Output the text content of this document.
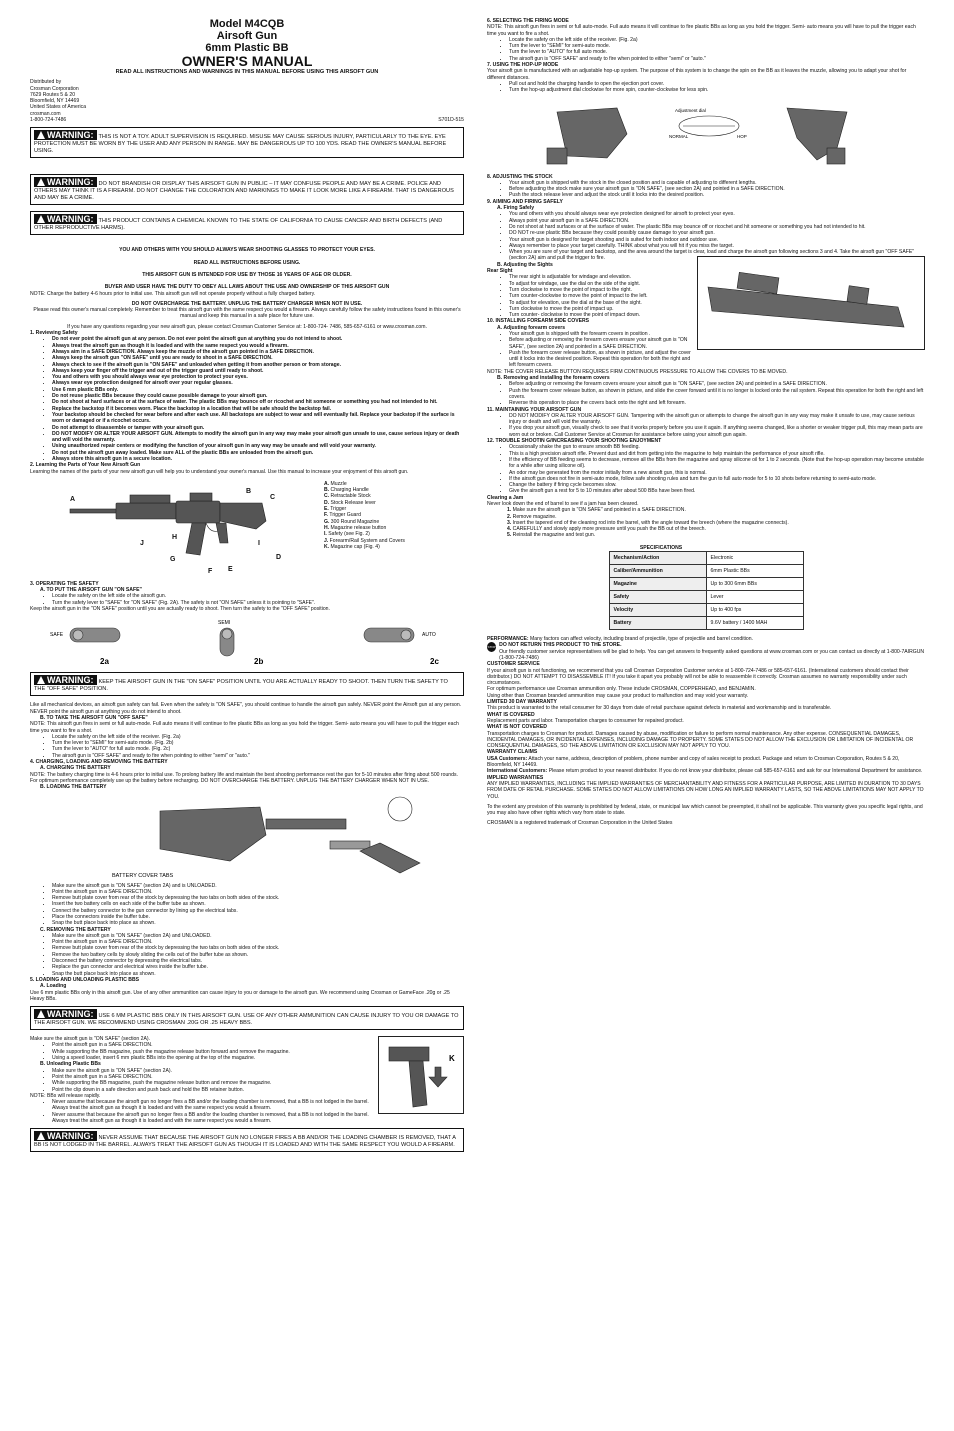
Model M4CQB
Airsoft Gun
6mm Plastic BB
OWNER'S MANUAL

READ ALL INSTRUCTIONS AND WARNINGS IN THIS MANUAL BEFORE USING THIS AIRSOFT GUN

Distributed by

Crosman Corporation

7629 Routes 5 & 20

Bloomfield, NY 14469

United States of America

crosman.com

1-800-724-7486	S701D-515

WARNING: THIS IS NOT A TOY. ADULT SUPERVISION IS REQUIRED. MISUSE MAY CAUSE SERIOUS INJURY, PARTICULARLY TO THE EYE. EYE PROTECTION MUST BE WORN BY THE USER AND ANY PERSON IN RANGE. MAY BE DANGEROUS UP TO 100 YDS. READ THE OWNER'S MANUAL BEFORE USING.
WARNING: DO NOT BRANDISH OR DISPLAY THIS AIRSOFT GUN IN PUBLIC – IT MAY CONFUSE PEOPLE AND MAY BE A CRIME. POLICE AND OTHERS MAY THINK IT IS A FIREARM. DO NOT CHANGE THE COLORATION AND MARKINGS TO MAKE IT LOOK MORE LIKE A FIREARM. THAT IS DANGEROUS AND MAY BE A CRIME.
WARNING: THIS PRODUCT CONTAINS A CHEMICAL KNOWN TO THE STATE OF CALIFORNIA TO CAUSE CANCER AND BIRTH DEFECTS (AND OTHER REPRODUCTIVE HARMS).

YOU AND OTHERS WITH YOU SHOULD ALWAYS WEAR SHOOTING GLASSES TO PROTECT YOUR EYES.

READ ALL INSTRUCTIONS BEFORE USING.

THIS AIRSOFT GUN IS INTENDED FOR USE BY THOSE 16 YEARS OF AGE OR OLDER.

BUYER AND USER HAVE THE DUTY TO OBEY ALL LAWS ABOUT THE USE AND OWNERSHIP OF THIS AIRSOFT GUN

NOTE: Charge the battery 4-6 hours prior to initial use. This airsoft gun will not operate properly without a fully charged battery.

DO NOT OVERCHARGE THE BATTERY. UNPLUG THE BATTERY CHARGER WHEN NOT IN USE.

Please read this owner's manual completely. Remember to treat this airsoft gun with the same respect you would a firearm. Always carefully follow the safety instructions found in this owner's manual and keep this manual in a safe place for future use.

If you have any questions regarding your new airsoft gun, please contact Crosman Customer Service at: 1-800-724- 7486, 585-657-6161 or www.crosman.com.

1. Reviewing Safety

• Do not ever point the airsoft gun at any person. Do not ever point the airsoft gun at anything you do not intend to shoot.
• Always treat the airsoft gun as though it is loaded and with the same respect you would a firearm.
• Always aim in a SAFE DIRECTION. Always keep the muzzle of the airsoft gun pointed in a SAFE DIRECTION.
• Always keep the airsoft gun "ON SAFE" until you are ready to shoot in a SAFE DIRECTION.
• Always check to see if the airsoft gun is "ON SAFE" and unloaded when getting it from another person or from storage.
• Always keep your finger off the trigger and out of the trigger guard until ready to shoot.
• You and others with you should always wear eye protection to protect your eyes.
• Always wear eye protection designed for airsoft over your regular glasses.
• Use 6 mm plastic BBs only.
• Do not reuse plastic BBs because they could cause possible damage to your airsoft gun.
• Do not shoot at hard surfaces or at the surface of water. The plastic BBs may bounce off or ricochet and hit someone or something you had not intended to hit.
• Replace the backstop if it becomes worn. Place the backstop in a location that will be safe should the backstop fail.
• Your backstop should be checked for wear before and after each use. All backstops are subject to wear and will eventually fail. Replace your backstop if the surface is worn or damaged or if a ricochet occurs.
• Do not attempt to disassemble or tamper with your airsoft gun.
• DO NOT MODIFY OR ALTER YOUR AIRSOFT GUN. Attempts to modify the airsoft gun in any way may make your airsoft gun unsafe to use, cause serious injury or death and will void the warranty.
• Using unauthorized repair centers or modifying the function of your airsoft gun in any way may be unsafe and will void your warranty.
• Do not put the airsoft gun away loaded. Make sure ALL of the plastic BBs are unloaded from the airsoft gun.
• Always store this airsoft gun in a secure location.

2. Learning the Parts of Your New Airsoft Gun

Learning the names of the parts of your new airsoft gun will help you to understand your owner's manual. Use this manual to increase your enjoyment of this airsoft gun.

A
B
C
H
I
J
G
F E
D

A. Muzzle

B. Charging Handle

C. Retractable Stock

D. Stock Release lever

E. Trigger

F. Trigger Guard

G. 300 Round Magazine

H. Magazine release button

I. Safety (see Fig. 2)

J. Forearm/Rail System and Covers

K. Magazine cap (Fig. 4)

3. OPERATING THE SAFETY

A. TO PUT THE AIRSOFT GUN "ON SAFE"

• Locate the safety on the left side of the airsoft gun.
• Turn the safety lever to "SAFE" for "ON SAFE" (Fig. 2A). The safety is not "ON SAFE" unless it is pointing to "SAFE".

Keep the airsoft gun in the "ON SAFE" position until you are actually ready to shoot. Then turn the safety to the "OFF SAFE" position.

SAFE
2a
SEMI
2b
AUTO
2c
WARNING: KEEP THE AIRSOFT GUN IN THE "ON SAFE" POSITION UNTIL YOU ARE ACTUALLY READY TO SHOOT. THEN TURN THE SAFETY TO THE "OFF SAFE" POSITION.

Like all mechanical devices, an airsoft gun safety can fail. Even when the safety is "ON SAFE", you should continue to handle the airsoft gun safely. NEVER point the Airsoft gun at any person. NEVER point the airsoft gun at anything you do not intend to shoot.

B. TO TAKE THE AIRSOFT GUN "OFF SAFE"

NOTE: This airsoft gun fires in semi or full auto-mode. Full auto means it will continue to fire plastic BBs as long as you hold the trigger. Semi- auto means you will have to pull the trigger each time you want to fire a shot.

• Locate the safety on the left side of the receiver. (Fig. 2a)
• Turn the lever to "SEMI" for semi-auto mode. (Fig. 2b)
• Turn the lever to "AUTO" for full auto mode. (Fig. 2c)
• The airsoft gun is "OFF SAFE" and ready to fire when pointing to either "semi" or "auto."

4. CHARGING, LOADING AND REMOVING THE BATTERY

A. CHARGING THE BATTERY

NOTE: The battery charging time is 4-6 hours prior to initial use. To prolong battery life and maintain the best shooting performance rest the gun for 5-10 minutes after firing about 500 rounds. For optimum performance completely use up the battery before recharging. DO NOT OVERCHARGE THE BATTERY. UNPLUG THE BATTERY CHARGER WHEN NOT IN USE.

B. LOADING THE BATTERY

BATTERY COVER TABS
• Make sure the airsoft gun is "ON SAFE" (section 2A) and is UNLOADED.
• Point the airsoft gun in a SAFE DIRECTION.
• Remove butt plate cover from rear of the stock by depressing the two tabs on both sides of the stock.
• Insert the two battery cells on each side of the buffer tube as shown.
• Connect the battery connector to the gun connector by lining up the electrical tabs.
• Place the connectors inside the buffer tube.
• Snap the butt place back into place as shown.

C. REMOVING THE BATTERY

• Make sure the airsoft gun is "ON SAFE" (section 2A) and UNLOADED.
• Point the airsoft gun in a SAFE DIRECTION.
• Remove butt plate cover from rear of the stock by depressing the two tabs on both sides of the stock.
• Remove the two battery cells by slowly sliding the cells out of the buffer tube as shown.
• Disconnect the battery connector by depressing the electrical tabs.
• Replace the gun connector and electrical wires inside the buffer tube.
• Snap the butt place back into place as shown.

5. LOADING AND UNLOADING PLASTIC BBS

A. Loading

Use 6 mm plastic BBs only in this airsoft gun. Use of any other ammunition can cause injury to you or damage to the airsoft gun. We recommend using Crosman or GameFace .20g or .25 Heavy BBs.

WARNING: USE 6 MM PLASTIC BBS ONLY IN THIS AIRSOFT GUN. USE OF ANY OTHER AMMUNITION CAN CAUSE INJURY TO YOU OR DAMAGE TO THE AIRSOFT GUN. WE RECOMMEND USING CROSMAN .20G OR .25 HEAVY BBS.

Make sure the airsoft gun is "ON SAFE" (section 2A).

• Point the airsoft gun in a SAFE DIRECTION.
• While supporting the BB magazine, push the magazine release button forward and remove the magazine.
• Using a speed loader, insert 6 mm plastic BBs into the opening at the top of the magazine.

B. Unloading Plastic BBs

• Make sure the airsoft gun is "ON SAFE" (section 2A).
• Point the airsoft gun in a SAFE DIRECTION.
• While supporting the BB magazine, push the magazine release button and remove the magazine.
• Point the clip down in a safe direction and push back and hold the BB retainer button.

NOTE: BBs will release rapidly.

• Never assume that because the airsoft gun no longer fires a BB and/or the loading chamber is removed, that a BB is not lodged in the barrel. Always treat the airsoft gun as though it is loaded and with the same respect you would a firearm.
• Never assume that because the airsoft gun no longer fires a BB and/or the loading chamber is removed, that a BB is not lodged in the barrel. Always treat the airsoft gun as though it is loaded and with the same respect you would a firearm.
K
WARNING: NEVER ASSUME THAT BECAUSE THE AIRSOFT GUN NO LONGER FIRES A BB AND/OR THE LOADING CHAMBER IS REMOVED, THAT A BB IS NOT LODGED IN THE BARREL. ALWAYS TREAT THE AIRSOFT GUN AS THOUGH IT IS LOADED AND WITH THE SAME RESPECT YOU WOULD A FIREARM.

6. SELECTING THE FIRING MODE

NOTE: This airsoft gun fires in semi or full auto-mode. Full auto means it will continue to fire plastic BBs as long as you hold the trigger. Semi- auto means you will have to pull the trigger each time you want to fire a shot.

• Locate the safety on the left side of the receiver. (Fig. 2a)
• Turn the lever to "SEMI" for semi-auto mode.
• Turn the lever to "AUTO" for full auto mode.
• The airsoft gun is "OFF SAFE" and ready to fire when pointed to either "semi" or "auto."

7. USING THE HOP-UP MODE

Your airsoft gun is manufactured with an adjustable hop-up system. The purpose of this system is to change the spin on the BB as it leaves the muzzle, allowing you to adapt your shot for different distances.

• Pull out and hold the charging handle to open the ejection port cover.
• Turn the hop-up adjustment dial clockwise for more spin, counter-clockwise for less spin.
Adjustment dial
NORMAL	HOP

8. ADJUSTING THE STOCK

• Your airsoft gun is shipped with the stock in the closed position and is capable of adjusting to different lengths.
• Before adjusting the stock make sure your airsoft gun is "ON SAFE", (see section 2A) and pointed in a SAFE DIRECTION.
• Push the stock release lever and adjust the stock until it locks into the desired position.

9. AIMING AND FIRING SAFELY

A. Firing Safely

• You and others with you should always wear eye protection designed for airsoft to protect your eyes.
• Always point your airsoft gun in a SAFE DIRECTION.
• Do not shoot at hard surfaces or at the surface of water. The plastic BBs may bounce off or ricochet and hit someone or something you had not intended to hit.
• DO NOT re-use plastic BBs because they could possibly cause damage to your airsoft gun.
• Your airsoft gun is designed for target shooting and is suited for both indoor and outdoor use.
• Always remember to place your target carefully. THINK about what you will hit if you miss the target.
• When you are sure of your target and backstop, and the area around the target is clear, load and charge the airsoft gun following sections 3 and 4. Take the airsoft gun "OFF SAFE" (section 2A) aim and pull the trigger to fire.

B. Adjusting the Sights

Rear Sight

• The rear sight is adjustable for windage and elevation.
• To adjust for windage, use the dial on the side of the sight.
• Turn clockwise to move the point of impact to the right.
• Turn counter-clockwise to move the point of impact to the left.
• To adjust for elevation, use the dial at the base of the sight.
• Turn clockwise to move the point of impact up.
• Turn counter- clockwise to move the point of impact down.

10. INSTALLING FOREARM SIDE COVERS

A. Adjusting forearm covers

• Your airsoft gun is shipped with the forearm covers in position .
• Before adjusting or removing the forearm covers ensure your airsoft gun is "ON SAFE", (see section 2A) and pointed in a SAFE DIRECTION.
• Push the forearm cover release button, as shown in picture, and adjust the cover until it locks into the desired position. Repeat this operation for both the right and left forearm covers.

NOTE: THE COVER RELEASE BUTTON REQUIRES FIRM CONTINUOUS PRESSURE TO ALLOW THE COVERS TO BE MOVED.

B. Removing and installing the forearm covers

• Before adjusting or removing the forearm covers ensure your airsoft gun is "ON SAFE", (see section 2A) and pointed in a SAFE DIRECTION.
• Push the forearm cover release button, as shown in picture, and slide the cover forward until it is no longer is locked onto the rail system. Repeat this operation for both the right and left covers.
• Reverse this operation to place the covers back onto the right and left forearm.

11. MAINTAINING YOUR AIRSOFT GUN

• DO NOT MODIFY OR ALTER YOUR AIRSOFT GUN. Tampering with the airsoft gun or attempts to change the airsoft gun in any way may make it unsafe to use, may cause serious injury or death and will void the warranty.
• If you drop your airsoft gun, visually check to see that it works properly before you use it again. If anything seems changed, like a shorter or weaker trigger pull, this may mean parts are worn out or broken. Call Customer Service at Crosman for assistance before using your airsoft gun again.

12. TROUBLE SHOOTIN G/INCREASING YOUR SHOOTING ENJOYMENT

• Occasionally shake the gun to ensure smooth BB feeding.
• This is a high precision airsoft rifle. Prevent dust and dirt from getting into the magazine to help maintain the performance of your airsoft rifle.
• If the efficiency of BB feeding seems to decrease, remove all the BBs from the magazine and spray silicone oil for 1 to 2 seconds. (Note that the hop-up operation may become unstable for a while after using silicone oil).
• An odor may be generated from the motor initially from a new airsoft gun, this is normal.
• If the airsoft gun does not fire in semi-auto mode, follow safe shooting rules and turn the gun to full auto mode for 5 to 10 shots before returning to semi-auto mode.
• Change the battery if firing cycle becomes slow.
• Give the airsoft gun a rest for 5 to 10 minutes after about 500 BBs have been fired.

Clearing a Jam

Never look down the end of barrel to see if a jam has been cleared.

1. Make sure the airsoft gun is "ON SAFE" and pointed in a SAFE DIRECTION.

2. Remove magazine.

3. Insert the tapered end of the cleaning rod into the barrel, with the angle toward the breech (where the magazine connects).

4. CAREFULLY and slowly apply more pressure until you push the BB out of the breech.

5. Reinstall the magazine and test gun.

SPECIFICATIONS

Mechanism/Action	Electronic
Caliber/Ammunition	6mm Plastic BBs
Magazine	Up to 300 6mm BBs
Safety	Lever
Velocity	Up to 400 fps
Battery	9.6V battery / 1400 MAH

PERFORMANCE: Many factors can affect velocity, including brand of projectile, type of projectile and barrel condition.

STOP DO NOT RETURN THIS PRODUCT TO THE STORE.

Our friendly customer service representatives will be glad to help. You can get answers to frequently asked questions at www.crosman.com or you can contact us directly at 1-800-7AIRGUN (1-800-724-7486)

CUSTOMER SERVICE

If your airsoft gun is not functioning, we recommend that you call Crosman Corporation Customer service at 1-800-724-7486 or 585-657-6161. (International customers should contact their distributor.) DO NOT ATTEMPT TO DISASSEMBLE IT! If you take it apart you probably will not be able to reassemble it correctly. Crosman assumes no warranty responsibility under such circumstances.

For optimum performance use Crosman ammunition only. These include CROSMAN, COPPERHEAD, and BENJAMIN.

Using other than Crosman branded ammunition may cause your product to malfunction and may void your warranty.

LIMITED 30 DAY WARRANTY

This product is warranted to the retail consumer for 30 days from date of retail purchase against defects in material and workmanship and is transferable.

WHAT IS COVERED

Replacement parts and labor. Transportation charges to consumer for repaired product.

WHAT IS NOT COVERED

Transportation charges to Crosman for product. Damages caused by abuse, modification or failure to perform normal maintenance. Any other expense. CONSEQUENTIAL DAMAGES, INCIDENTAL DAMAGES, OR INCIDENTAL EXPENSES, INCLUDING DAMAGE TO PROPERTY. SOME STATES DO NOT ALLOW THE EXCLUSION OR LIMITATION OF INCIDENTAL OR CONSEQUENTIAL DAMAGES, SO THE ABOVE LIMITATION OR EXCLUSION MAY NOT APPLY TO YOU.

WARRANTY CLAIMS

USA Customers: Attach your name, address, description of problem, phone number and copy of sales receipt to product. Package and return to Crosman Corporation, Routes 5 & 20, Bloomfield, NY 14469.

International Customers: Please return product to your nearest distributor. If you do not know your distributor, please call 585-657-6161 and ask for our International Department for assistance.

IMPLIED WARRANTIES

ANY IMPLIED WARRANTIES, INCLUDING THE IMPLIED WARRANTIES OF MERCHANTABILITY AND FITNESS FOR A PARTICULAR PURPOSE, ARE LIMITED IN DURATION TO 30 DAYS FROM DATE OF RETAIL PURCHASE. SOME STATES DO NOT ALLOW LIMITATIONS ON HOW LONG AN IMPLIED WARRANTY LASTS, SO THE ABOVE LIMITATIONS MAY NOT APPLY TO YOU.

To the extent any provision of this warranty is prohibited by federal, state, or municipal law which cannot be preempted, it shall not be applicable. This warranty gives you specific legal rights, and you may also have other rights which vary from state to state.

CROSMAN is a registered trademark of Crosman Corporation in the United States
